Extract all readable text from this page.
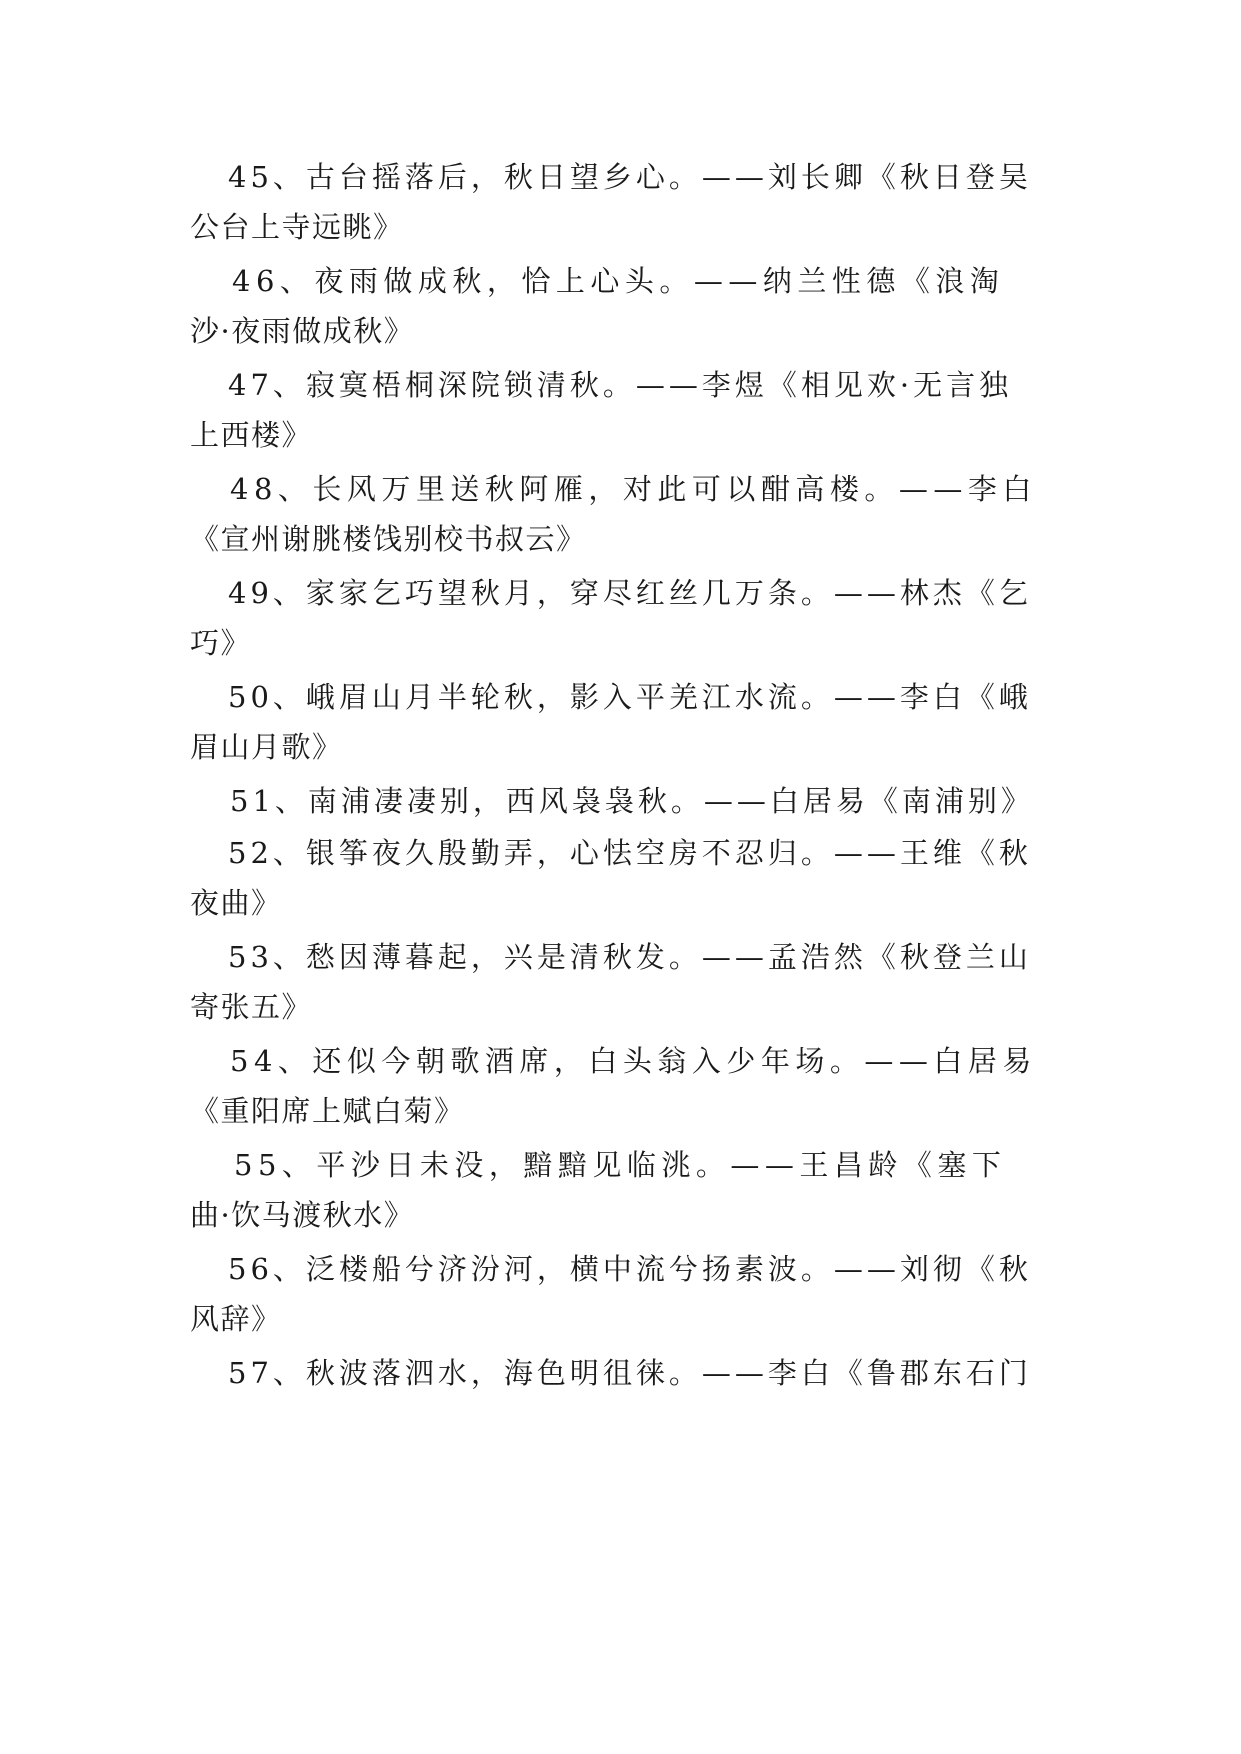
45、古台摇落后，秋日望乡心。——刘长卿《秋日登吴
公台上寺远眺》
46、夜雨做成秋，恰上心头。——纳兰性德《浪淘
沙·夜雨做成秋》
47、寂寞梧桐深院锁清秋。——李煜《相见欢·无言独
上西楼》
48、长风万里送秋阿雁，对此可以酣高楼。——李白
《宣州谢朓楼饯别校书叔云》
49、家家乞巧望秋月，穿尽红丝几万条。——林杰《乞
巧》
50、峨眉山月半轮秋，影入平羌江水流。——李白《峨
眉山月歌》
51、南浦凄凄别，西风袅袅秋。——白居易《南浦别》
52、银筝夜久殷勤弄，心怯空房不忍归。——王维《秋
夜曲》
53、愁因薄暮起，兴是清秋发。——孟浩然《秋登兰山
寄张五》
54、还似今朝歌酒席，白头翁入少年场。——白居易
《重阳席上赋白菊》
55、平沙日未没，黯黯见临洮。——王昌龄《塞下
曲·饮马渡秋水》
56、泛楼船兮济汾河，横中流兮扬素波。——刘彻《秋
风辞》
57、秋波落泗水，海色明徂徕。——李白《鲁郡东石门
